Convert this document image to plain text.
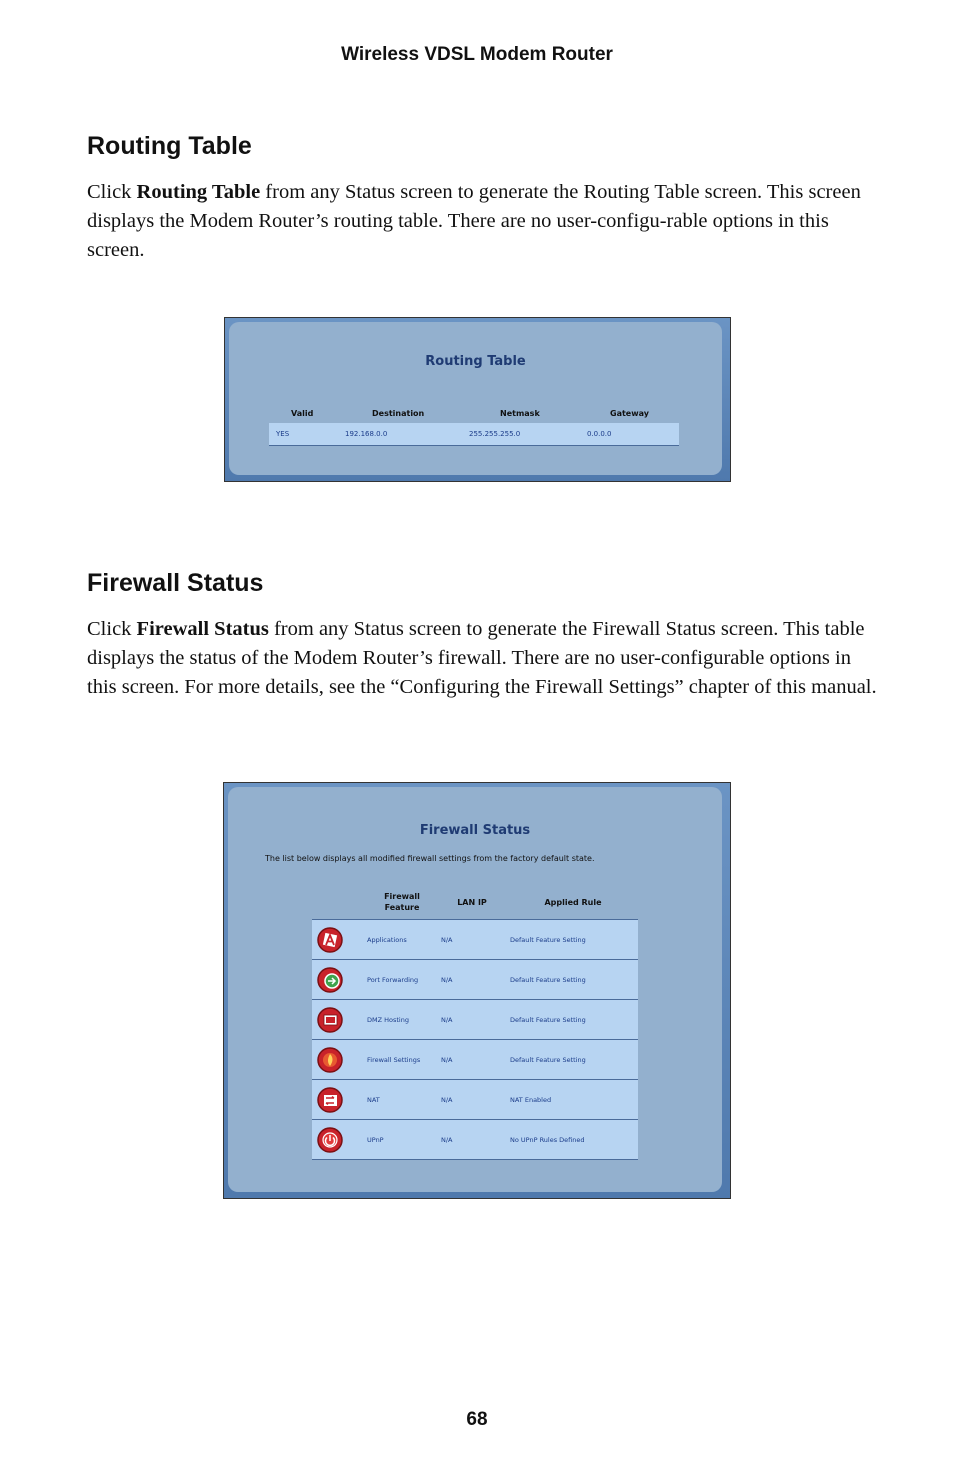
Wireless VDSL Modem Router
Routing Table

Click Routing Table from any Status screen to generate the Routing Table screen. This screen displays the Modem Router’s routing table. There are no user-configu-rable options in this screen.

Routing Table
Valid	Destination	Netmask	Gateway
YES	192.168.0.0	255.255.255.0	0.0.0.0
Firewall Status

Click Firewall Status from any Status screen to generate the Firewall Status screen. This table displays the status of the Modem Router’s firewall. There are no user-configurable options in this screen. For more details, see the “Configuring the Firewall Settings” chapter of this manual.

Firewall Status
The list below displays all modified firewall settings from the factory default state.
Firewall
Feature
LAN IP	Applied Rule
Applications	N/A	Default Feature Setting
Port Forwarding	N/A	Default Feature Setting
DMZ Hosting	N/A	Default Feature Setting
Firewall Settings	N/A	Default Feature Setting
NAT	N/A	NAT Enabled
UPnP	N/A	No UPnP Rules Defined
68
